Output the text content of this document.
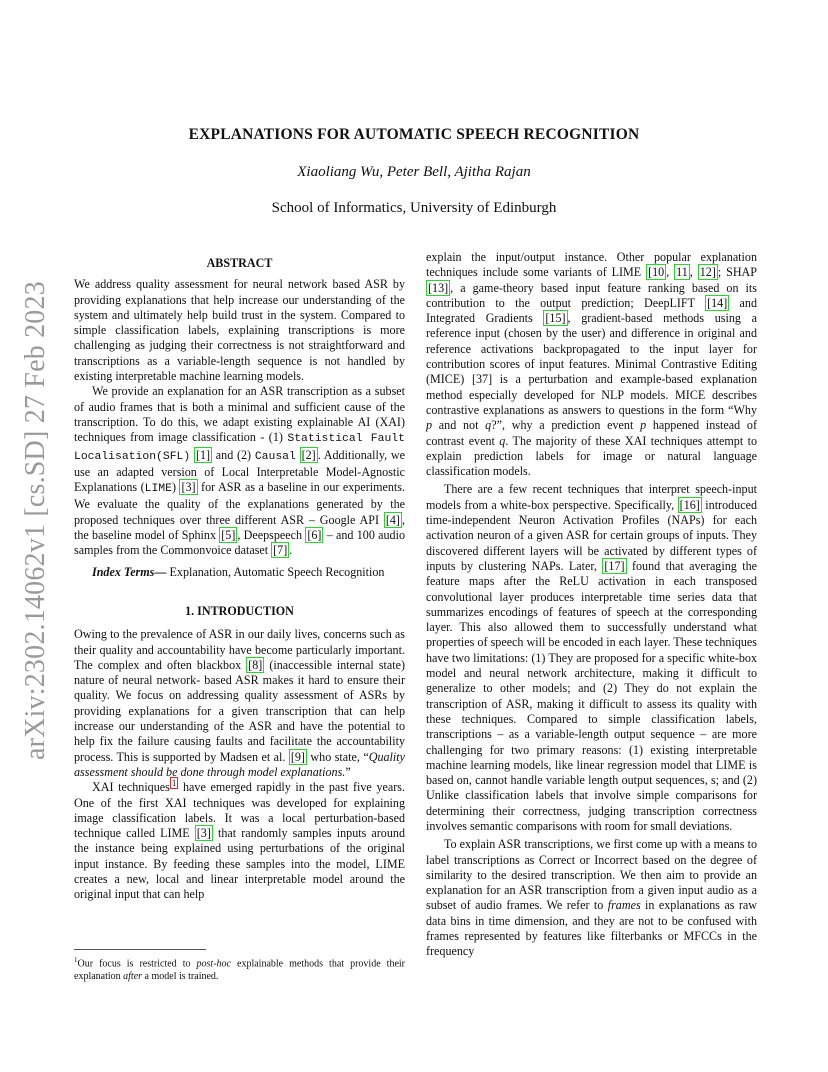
arXiv:2302.14062v1 [cs.SD] 27 Feb 2023
EXPLANATIONS FOR AUTOMATIC SPEECH RECOGNITION
Xiaoliang Wu, Peter Bell, Ajitha Rajan
School of Informatics, University of Edinburgh
ABSTRACT

We address quality assessment for neural network based ASR by providing explanations that help increase our understanding of the system and ultimately help build trust in the system. Compared to simple classification labels, explaining transcriptions is more challenging as judging their correctness is not straightforward and transcriptions as a variable-length sequence is not handled by existing interpretable machine learning models.

We provide an explanation for an ASR transcription as a subset of audio frames that is both a minimal and sufficient cause of the transcription. To do this, we adapt existing explainable AI (XAI) techniques from image classification - (1) Statistical Fault Localisation(SFL) [1] and (2) Causal [2] . Additionally, we use an adapted version of Local Interpretable Model-Agnostic Explanations (LIME) [3] for ASR as a baseline in our experiments. We evaluate the quality of the explanations generated by the proposed techniques over three different ASR – Google API [4] , the baseline model of Sphinx [5] , Deepspeech [6] – and 100 audio samples from the Commonvoice dataset [7] .

Index Terms— Explanation, Automatic Speech Recognition

1. INTRODUCTION

Owing to the prevalence of ASR in our daily lives, concerns such as their quality and accountability have become particularly important. The complex and often blackbox [8] (inaccessible internal state) nature of neural network- based ASR makes it hard to ensure their quality. We focus on addressing quality assessment of ASRs by providing explanations for a given transcription that can help increase our understanding of the ASR and have the potential to help fix the failure causing faults and facilitate the accountability process. This is supported by Madsen et al. [9] who state, “Quality assessment should be done through model explanations.”

XAI techniques $^1$ have emerged rapidly in the past five years. One of the first XAI techniques was developed for explaining image classification labels. It was a local perturbation-based technique called LIME [3] that randomly samples inputs around the instance being explained using perturbations of the original input instance. By feeding these samples into the model, LIME creates a new, local and linear interpretable model around the original input that can help

$^1$Our focus is restricted to post-hoc explainable methods that provide their explanation after a model is trained.

explain the input/output instance. Other popular explanation techniques include some variants of LIME [10 , 11 , 12] ; SHAP [13] , a game-theory based input feature ranking based on its contribution to the output prediction; DeepLIFT [14] and Integrated Gradients [15] , gradient-based methods using a reference input (chosen by the user) and difference in original and reference activations backpropagated to the input layer for contribution scores of input features. Minimal Contrastive Editing (MICE) [37] is a perturbation and example-based explanation method especially developed for NLP models. MICE describes contrastive explanations as answers to questions in the form “Why p and not q?”, why a prediction event p happened instead of contrast event q. The majority of these XAI techniques attempt to explain prediction labels for image or natural language classification models.

There are a few recent techniques that interpret speech-input models from a white-box perspective. Specifically, [16] introduced time-independent Neuron Activation Profiles (NAPs) for each activation neuron of a given ASR for certain groups of inputs. They discovered different layers will be activated by different types of inputs by clustering NAPs. Later, [17] found that averaging the feature maps after the ReLU activation in each transposed convolutional layer produces interpretable time series data that summarizes encodings of features of speech at the corresponding layer. This also allowed them to successfully understand what properties of speech will be encoded in each layer. These techniques have two limitations: (1) They are proposed for a specific white-box model and neural network architecture, making it difficult to generalize to other models; and (2) They do not explain the transcription of ASR, making it difficult to assess its quality with these techniques. Compared to simple classification labels, transcriptions – as a variable-length output sequence – are more challenging for two primary reasons: (1) existing interpretable machine learning models, like linear regression model that LIME is based on, cannot handle variable length output sequences, s; and (2) Unlike classification labels that involve simple comparisons for determining their correctness, judging transcription correctness involves semantic comparisons with room for small deviations.

To explain ASR transcriptions, we first come up with a means to label transcriptions as Correct or Incorrect based on the degree of similarity to the desired transcription. We then aim to provide an explanation for an ASR transcription from a given input audio as a subset of audio frames. We refer to frames in explanations as raw data bins in time dimension, and they are not to be confused with frames represented by features like filterbanks or MFCCs in the frequency
